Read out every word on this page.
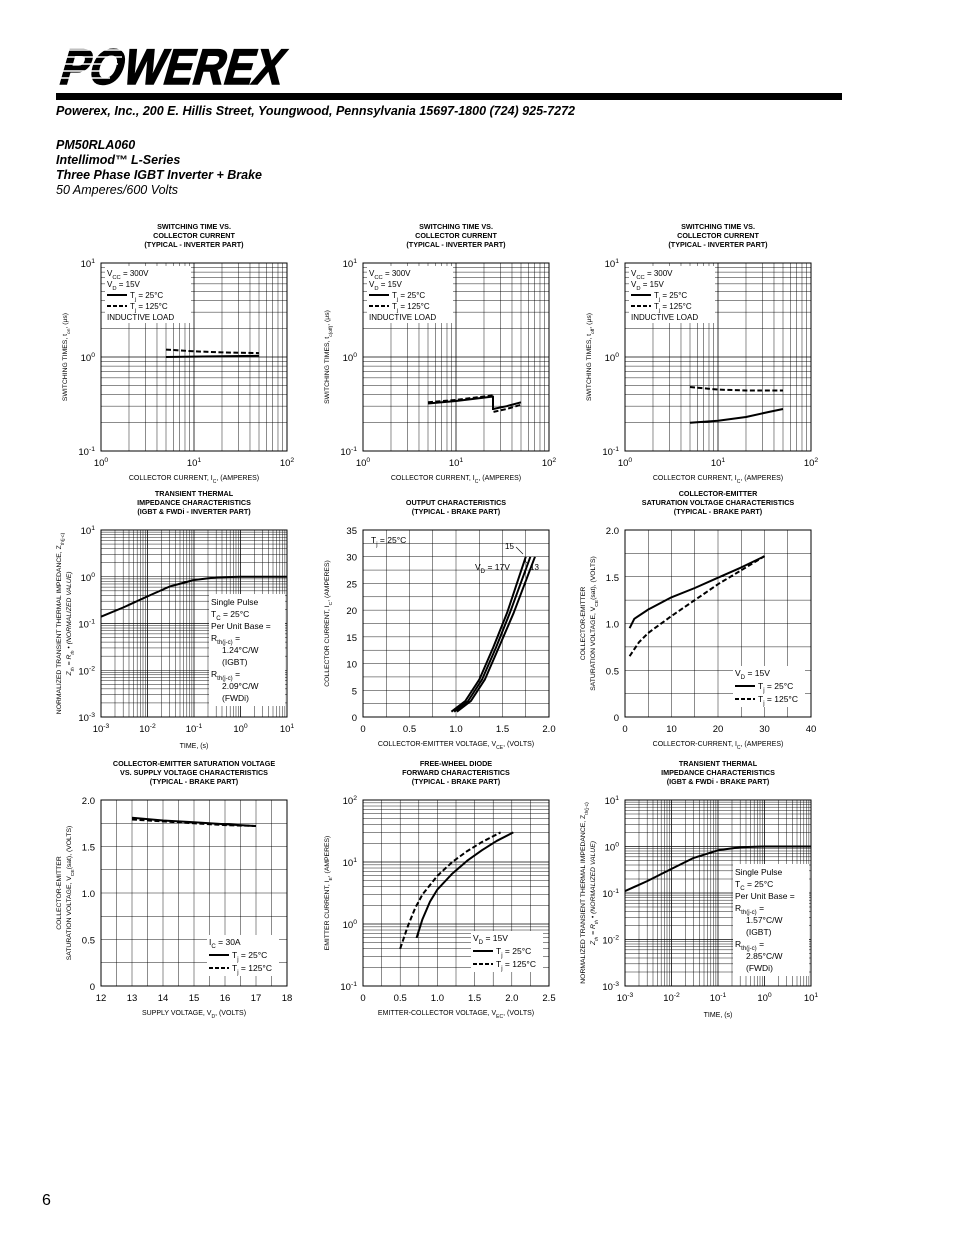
POWEREX
Powerex, Inc., 200 E. Hillis Street, Youngwood, Pennsylvania 15697-1800 (724) 925-7272
PM50RLA060
Intellimod™ L-Series
Three Phase IGBT Inverter + Brake
50 Amperes/600 Volts
SWITCHING TIME VS.
COLLECTOR CURRENT
(TYPICAL - INVERTER PART)
$10^0$	$10^1$	$10^2$
$10^{-1}$
$10^0$
$10^1$
COLLECTOR CURRENT, $I_C$, (AMPERES)
SWITCHING TIMES, $t_{on}$, (μs)
$V_{CC} = 300V$
$V_D = 15V$
$T_j = 25^\circ C$
$T_j = 125^\circ C$
INDUCTIVE LOAD
SWITCHING TIME VS.
COLLECTOR CURRENT
(TYPICAL - INVERTER PART)
$10^0$	$10^1$	$10^2$
$10^{-1}$
$10^0$
$10^1$
COLLECTOR CURRENT, $I_C$, (AMPERES)
SWITCHING TIMES, $t_{c(off)}$, (μs)
$V_{CC} = 300V$
$V_D = 15V$
$T_j = 25^\circ C$
$T_j = 125^\circ C$
INDUCTIVE LOAD
SWITCHING TIME VS.
COLLECTOR CURRENT
(TYPICAL - INVERTER PART)
$10^0$	$10^1$	$10^2$
$10^{-1}$
$10^0$
$10^1$
COLLECTOR CURRENT, $I_C$, (AMPERES)
SWITCHING TIMES, $t_{off}$, (μs)
$V_{CC} = 300V$
$V_D = 15V$
$T_j = 25^\circ C$
$T_j = 125^\circ C$
INDUCTIVE LOAD
TRANSIENT THERMAL
IMPEDANCE CHARACTERISTICS
(IGBT & FWDi - INVERTER PART)
$10^{-3}$	$10^{-2}$	$10^{-1}$	$10^0$	$10^1$
$10^{-3}$
$10^{-2}$
$10^{-1}$
$10^0$
$10^1$
TIME, (s)
NORMALIZED TRANSIENT THERMAL IMPEDANCE, $Z_{th(j-c)}$
$Z_{th} = R_{th}$ • (NORMALIZED VALUE)	Single Pulse
$T_C = 25^\circ C$
Per Unit Base =
$R_{th(j-c)}$ =
1.24°C/W
(IGBT)
$R_{th(j-c)}$ =
2.09°C/W
(FWDi)
OUTPUT CHARACTERISTICS
(TYPICAL - BRAKE PART)
0	0.5	1.0	1.5	2.0
0
5
10
15
20
25
30
35
COLLECTOR-EMITTER VOLTAGE, $V_{CE}$, (VOLTS)
COLLECTOR CURRENT, $I_C$, (AMPERES)
$T_j = 25^\circ C$
$V_D = 17V$
15
13
COLLECTOR-EMITTER
SATURATION VOLTAGE CHARACTERISTICS
(TYPICAL - BRAKE PART)
0	10	20	30	40
0
0.5
1.0
1.5
2.0
COLLECTOR-CURRENT, $I_C$, (AMPERES)
COLLECTOR-EMITTER SATURATION VOLTAGE, $V_{CE}(sat)$, (VOLTS)
$V_D = 15V$
$T_j = 25^\circ C$
$T_j = 125^\circ C$
COLLECTOR-EMITTER SATURATION VOLTAGE
VS. SUPPLY VOLTAGE CHARACTERISTICS
(TYPICAL - BRAKE PART)
12 13 14 15 16 17 18
0
0.5
1.0
1.5
2.0
SUPPLY VOLTAGE, $V_D$, (VOLTS)
COLLECTOR-EMITTER SATURATION VOLTAGE, $V_{CE}(sat)$, (VOLTS)
$I_C = 30A$
$T_j = 25^\circ C$
$T_j = 125^\circ C$
FREE-WHEEL DIODE
FORWARD CHARACTERISTICS
(TYPICAL - BRAKE PART)
0	0.5	1.0	1.5	2.0	2.5
$10^{-1}$
$10^0$
$10^1$
$10^2$
EMITTER-COLLECTOR VOLTAGE, $V_{EC}$, (VOLTS)
EMITTER CURRENT, $I_E$, (AMPERES)
$V_D = 15V$
$T_j = 25^\circ C$
$T_j = 125^\circ C$
TRANSIENT THERMAL
IMPEDANCE CHARACTERISTICS
(IGBT & FWDi - BRAKE PART)
$10^{-3}$	$10^{-2}$	$10^{-1}$	$10^0$	$10^1$
$10^{-3}$
$10^{-2}$
$10^{-1}$
$10^0$
$10^1$
TIME, (s)
NORMALIZED TRANSIENT THERMAL IMPEDANCE, $Z_{th(j-c)}$
$Z_{th} = R_{th}$ • (NORMALIZED VALUE)	Single Pulse
$T_C = 25^\circ C$
Per Unit Base =
$R_{th(j-c)}$ =
1.57°C/W
(IGBT)
$R_{th(j-c)}$ =
2.85°C/W
(FWDi)
6
